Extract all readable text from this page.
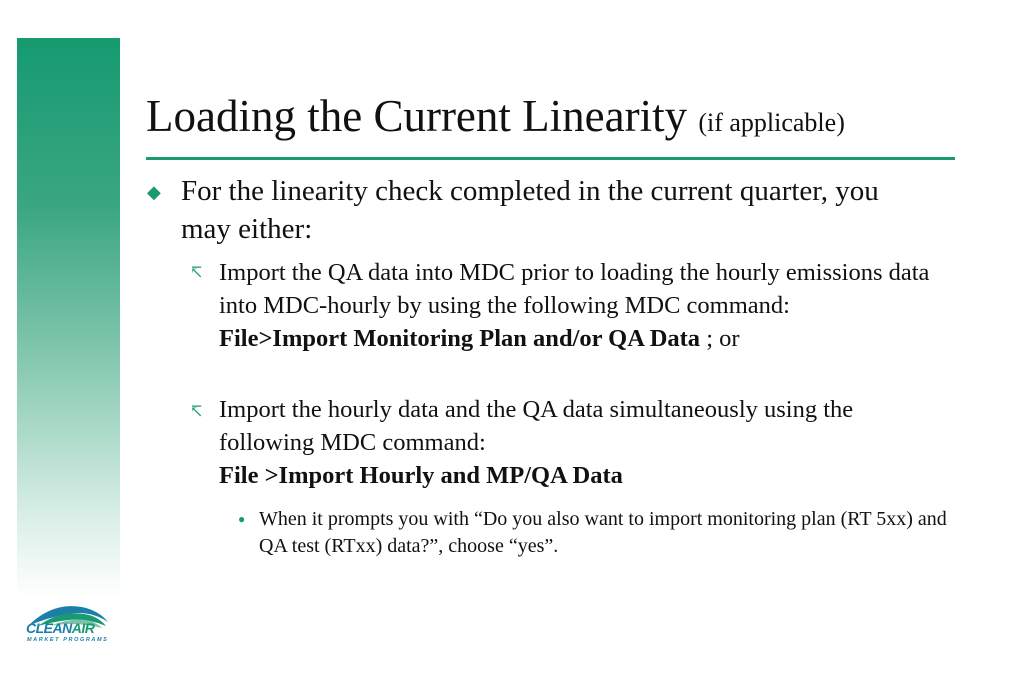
Loading the Current Linearity (if applicable)
◆ For the linearity check completed in the current quarter, you may either:
↸ Import the QA data into MDC prior to loading the hourly emissions data into MDC-hourly by using the following MDC command:
File>Import Monitoring Plan and/or QA Data ; or
↸ Import the hourly data and the QA data simultaneously using the following MDC command:
File >Import Hourly and MP/QA Data
● When it prompts you with “Do you also want to import monitoring plan (RT 5xx) and QA test (RTxx) data?”, choose “yes”.
CLEANAIR
MARKET PROGRAMS
